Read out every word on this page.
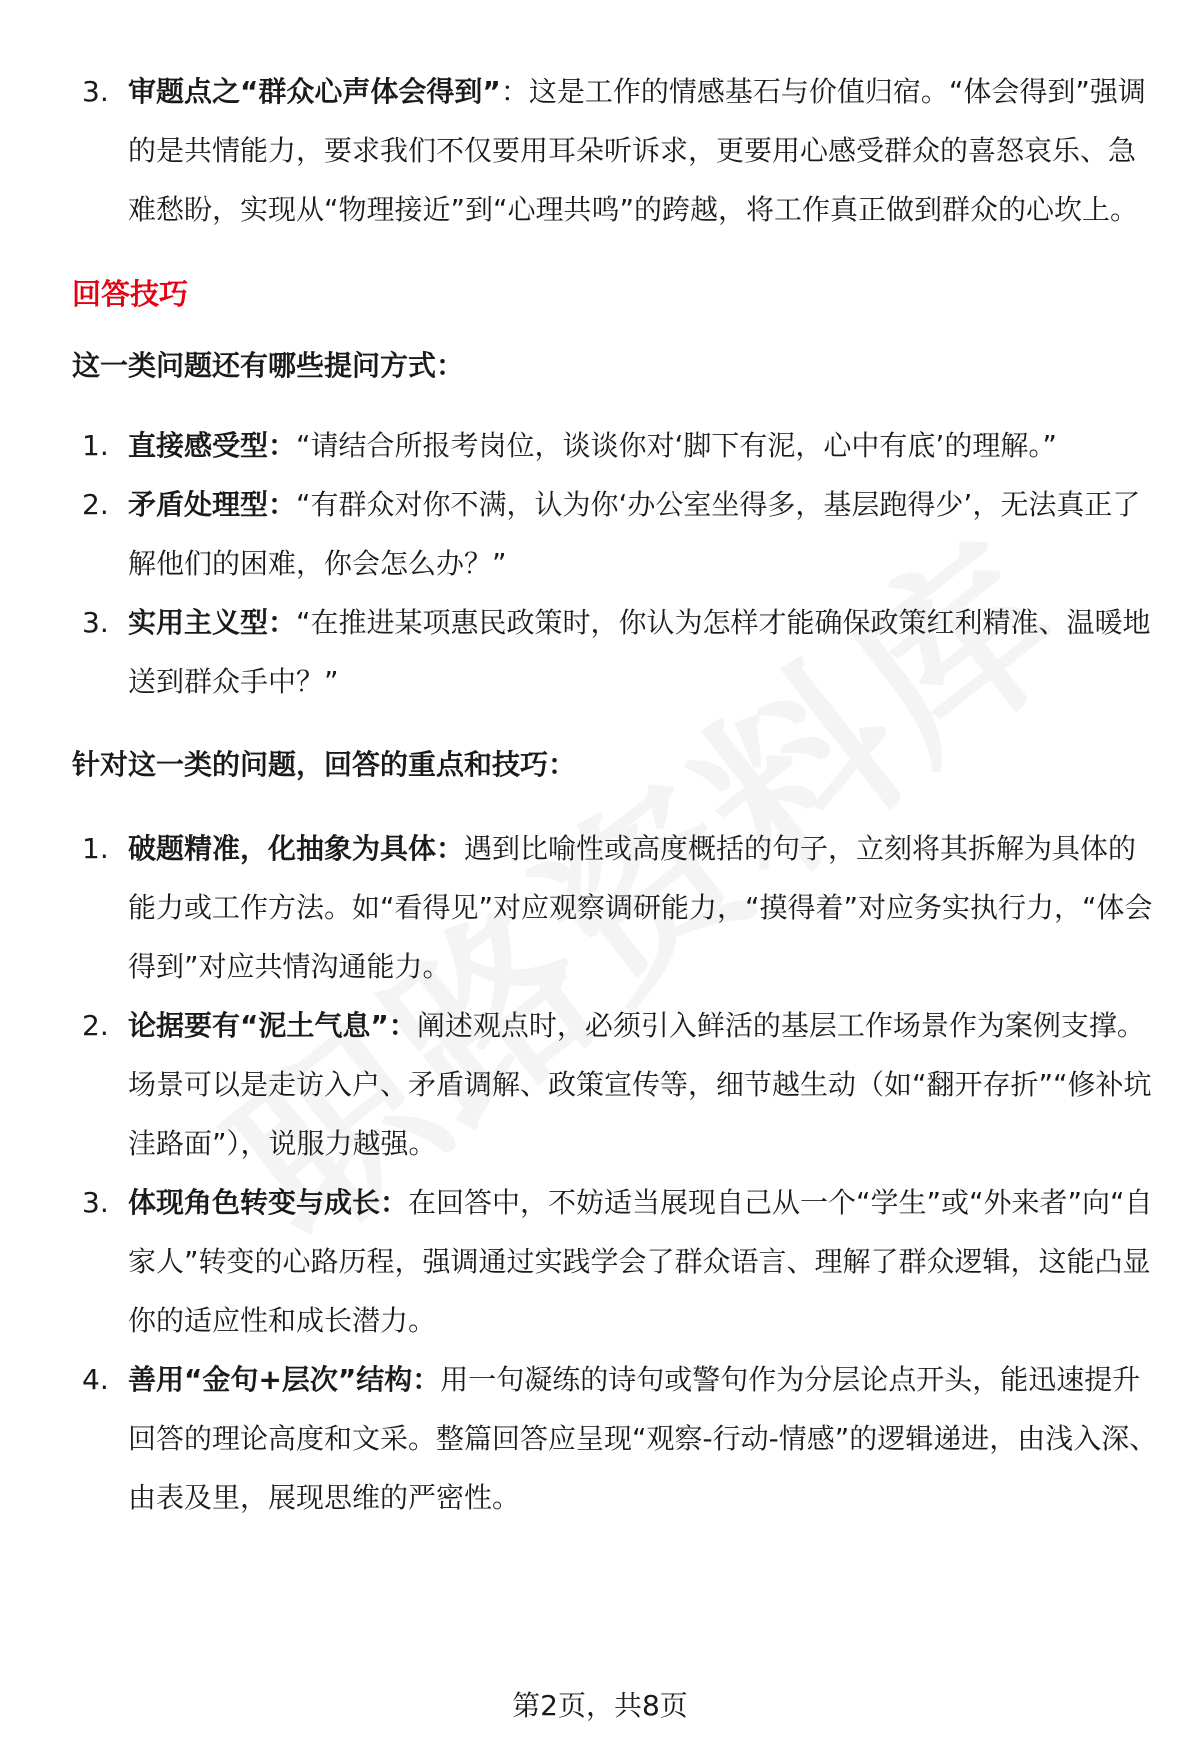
3. 审题点之“群众心声体会得到”：这是工作的情感基石与价值归宿。“体会得到”强调的是共情能力，要求我们不仅要用耳朵听诉求，更要用心感受群众的喜怒哀乐、急难愁盼，实现从“物理接近”到“心理共鸣”的跨越，将工作真正做到群众的心坎上。
回答技巧
这一类问题还有哪些提问方式：
1. 直接感受型：“请结合所报考岗位，谈谈你对‘脚下有泥，心中有底’的理解。”
2. 矛盾处理型：“有群众对你不满，认为你‘办公室坐得多，基层跑得少’，无法真正了解他们的困难，你会怎么办？”
3. 实用主义型：“在推进某项惠民政策时，你认为怎样才能确保政策红利精准、温暖地送到群众手中？”
针对这一类的问题，回答的重点和技巧：
1. 破题精准，化抽象为具体：遇到比喻性或高度概括的句子，立刻将其拆解为具体的能力或工作方法。如“看得见”对应观察调研能力，“摸得着”对应务实执行力，“体会得到”对应共情沟通能力。
2. 论据要有“泥土气息”：阐述观点时，必须引入鲜活的基层工作场景作为案例支撑。场景可以是走访入户、矛盾调解、政策宣传等，细节越生动（如“翻开存折”“修补坑洼路面”），说服力越强。
3. 体现角色转变与成长：在回答中，不妨适当展现自己从一个“学生”或“外来者”向“自家人”转变的心路历程，强调通过实践学会了群众语言、理解了群众逻辑，这能凸显你的适应性和成长潜力。
4. 善用“金句+层次”结构：用一句凝练的诗句或警句作为分层论点开头，能迅速提升回答的理论高度和文采。整篇回答应呈现“观察-行动-情感”的逻辑递进，由浅入深、由表及里，展现思维的严密性。
第2页，共8页
